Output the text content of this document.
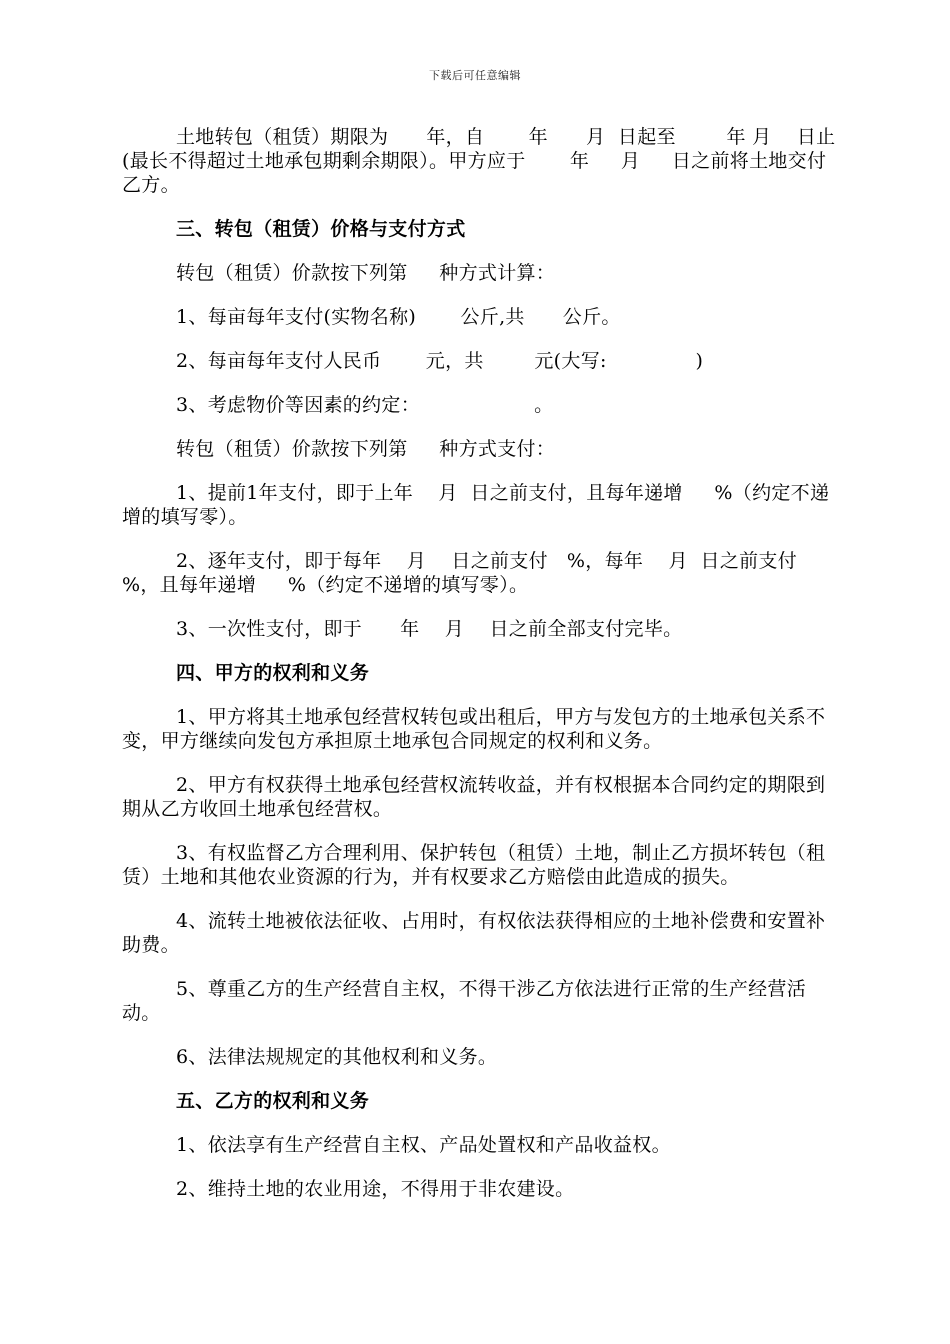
下载后可任意编辑

土地转包（租赁）期限为      年，自       年      月  日起至        年 月    日止(最长不得超过土地承包期剩余期限）。甲方应于       年     月     日之前将土地交付乙方。

三、转包（租赁）价格与支付方式

转包（租赁）价款按下列第     种方式计算：

1、每亩每年支付(实物名称)       公斤,共      公斤。

2、每亩每年支付人民币       元，共        元(大写:              )

3、考虑物价等因素的约定：                  。

转包（租赁）价款按下列第     种方式支付：

1、提前1年支付，即于上年    月  日之前支付，且每年递增     %（约定不递增的填写零）。

2、逐年支付，即于每年    月    日之前支付   %，每年    月  日之前支付   %，且每年递增     %（约定不递增的填写零）。

3、一次性支付，即于      年    月    日之前全部支付完毕。

四、甲方的权利和义务

1、甲方将其土地承包经营权转包或出租后，甲方与发包方的土地承包关系不变，甲方继续向发包方承担原土地承包合同规定的权利和义务。

2、甲方有权获得土地承包经营权流转收益，并有权根据本合同约定的期限到期从乙方收回土地承包经营权。

3、有权监督乙方合理利用、保护转包（租赁）土地，制止乙方损坏转包（租赁）土地和其他农业资源的行为，并有权要求乙方赔偿由此造成的损失。

4、流转土地被依法征收、占用时，有权依法获得相应的土地补偿费和安置补助费。

5、尊重乙方的生产经营自主权，不得干涉乙方依法进行正常的生产经营活动。

6、法律法规规定的其他权利和义务。

五、乙方的权利和义务

1、依法享有生产经营自主权、产品处置权和产品收益权。

2、维持土地的农业用途，不得用于非农建设。
